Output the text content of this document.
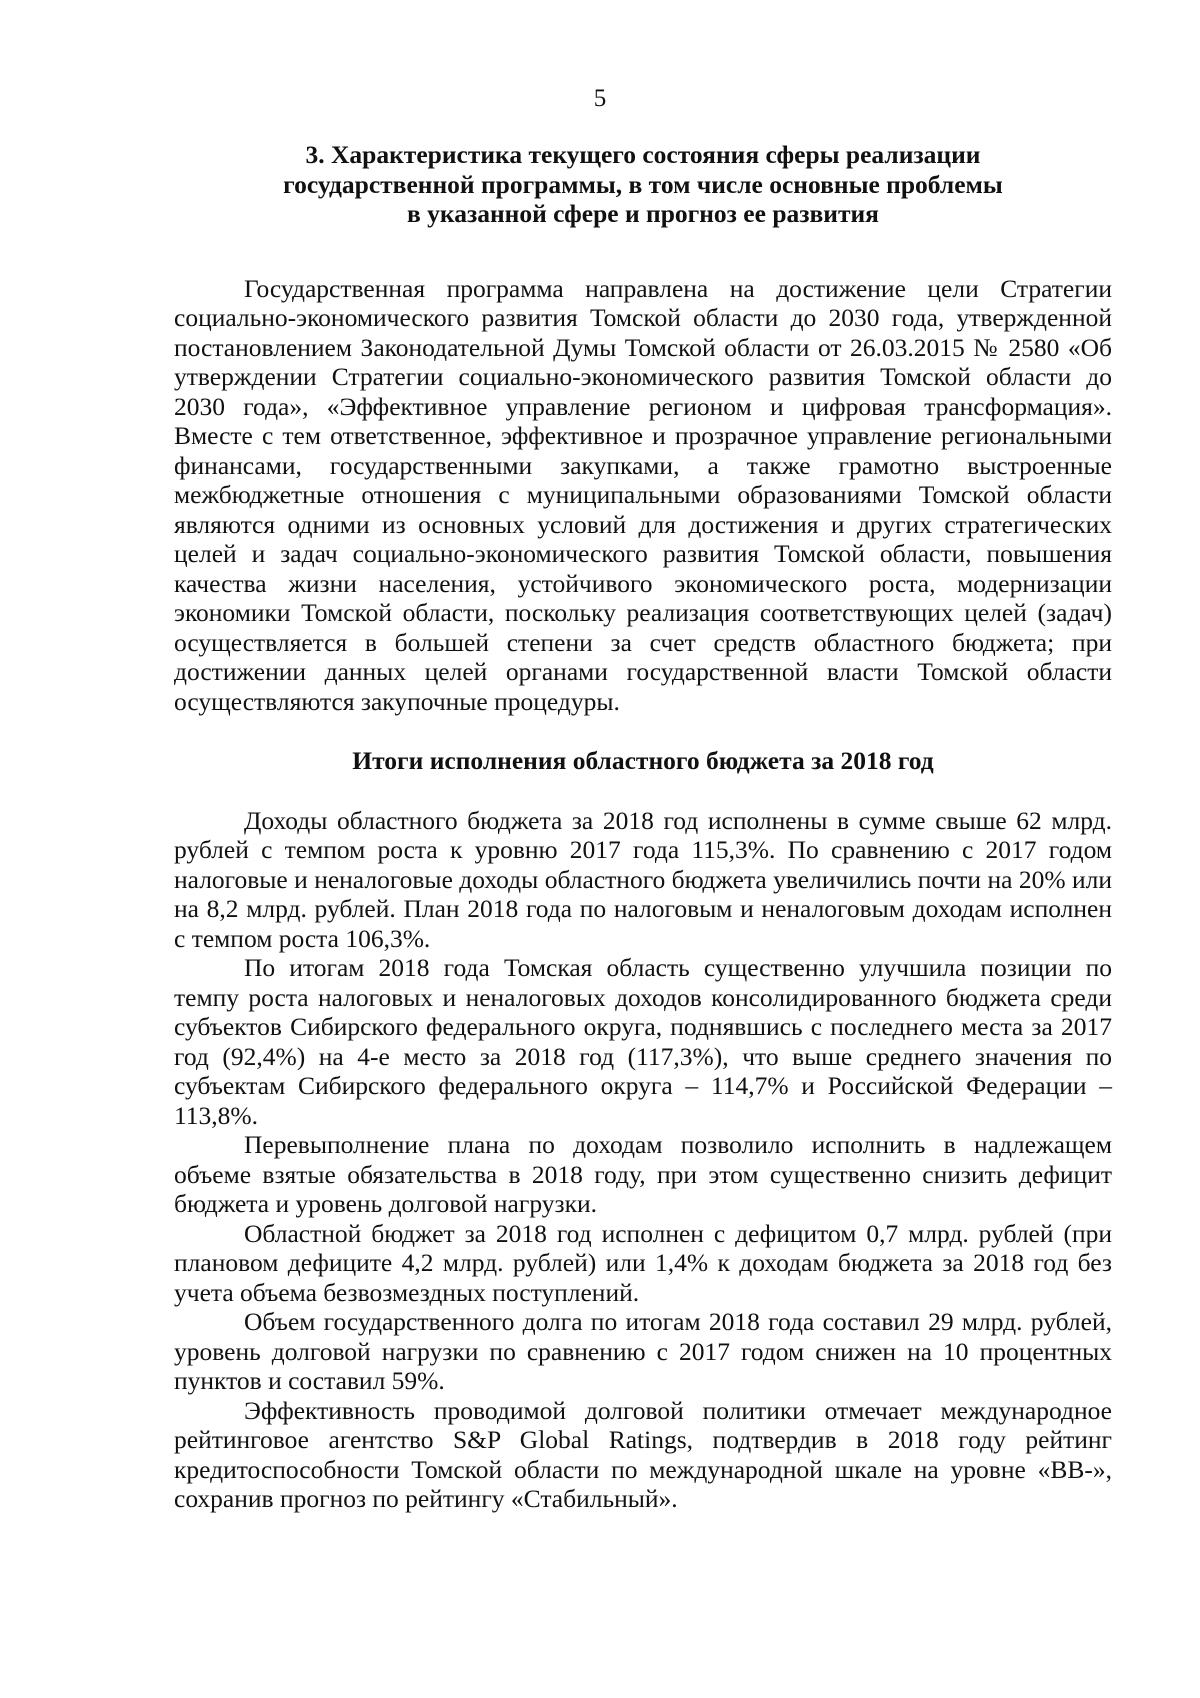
5
3. Характеристика текущего состояния сферы реализации
государственной программы, в том числе основные проблемы
в указанной сфере и прогноз ее развития

Государственная программа направлена на достижение цели Стратегии социально-экономического развития Томской области до 2030 года, утвержденной постановлением Законодательной Думы Томской области от 26.03.2015 № 2580 «Об утверждении Стратегии социально-экономического развития Томской области до 2030 года», «Эффективное управление регионом и цифровая трансформация». Вместе с тем ответственное, эффективное и прозрачное управление региональными финансами, государственными закупками, а также грамотно выстроенные межбюджетные отношения с муниципальными образованиями Томской области являются одними из основных условий для достижения и других стратегических целей и задач социально-экономического развития Томской области, повышения качества жизни населения, устойчивого экономического роста, модернизации экономики Томской области, поскольку реализация соответствующих целей (задач) осуществляется в большей степени за счет средств областного бюджета; при достижении данных целей органами государственной власти Томской области осуществляются закупочные процедуры.

Итоги исполнения областного бюджета за 2018 год

Доходы областного бюджета за 2018 год исполнены в сумме свыше 62 млрд. рублей с темпом роста к уровню 2017 года 115,3%. По сравнению с 2017 годом налоговые и неналоговые доходы областного бюджета увеличились почти на 20% или на 8,2 млрд. рублей. План 2018 года по налоговым и неналоговым доходам исполнен с темпом роста 106,3%.

По итогам 2018 года Томская область существенно улучшила позиции по темпу роста налоговых и неналоговых доходов консолидированного бюджета среди субъектов Сибирского федерального округа, поднявшись с последнего места за 2017 год (92,4%) на 4-е место за 2018 год (117,3%), что выше среднего значения по субъектам Сибирского федерального округа – 114,7% и Российской Федерации – 113,8%.

Перевыполнение плана по доходам позволило исполнить в надлежащем объеме взятые обязательства в 2018 году, при этом существенно снизить дефицит бюджета и уровень долговой нагрузки.

Областной бюджет за 2018 год исполнен с дефицитом 0,7 млрд. рублей (при плановом дефиците 4,2 млрд. рублей) или 1,4% к доходам бюджета за 2018 год без учета объема безвозмездных поступлений.

Объем государственного долга по итогам 2018 года составил 29 млрд. рублей, уровень долговой нагрузки по сравнению с 2017 годом снижен на 10 процентных пунктов и составил 59%.

Эффективность проводимой долговой политики отмечает международное рейтинговое агентство S&P Global Ratings, подтвердив в 2018 году рейтинг кредитоспособности Томской области по международной шкале на уровне «BB-», сохранив прогноз по рейтингу «Стабильный».
